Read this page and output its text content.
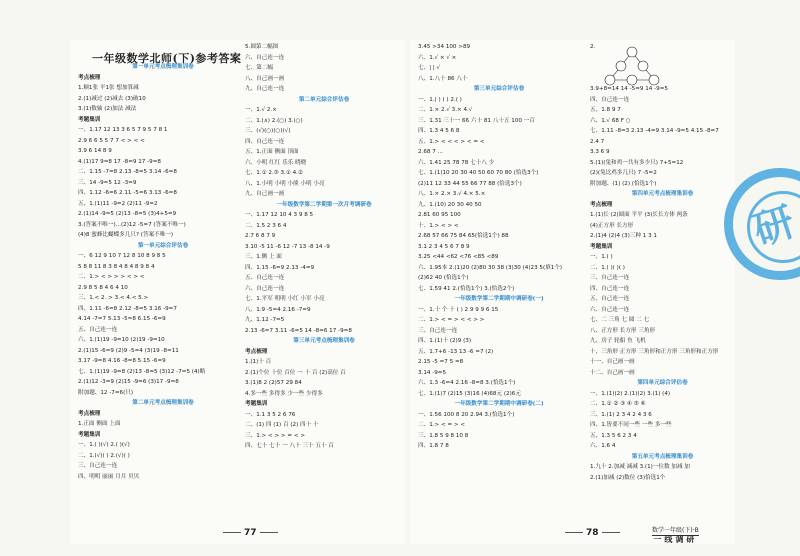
一年级数学北师(下)参考答案
第一单元考点梳理集训卷
考点梳理
1.顺1张 平1张 想加算减
2.(1)减过 (2)减去 (3)破10
3.(1)数轴 (2)加法 减法
考题集训
一、1.17 12 13 3 6 5 7 9 5 7 8 1
2.9 6 6 5 5 7 7 < > < <
3.9 6 14 8 9
4.(1)17 9=8 17 -8=9 17 -9=8
二、1.15 -7=8 2.13 -8=5 3.14 -6=8
三、14 -9=5 12 -3=9
四、1.12 -6=6 2.11 -5=6 3.13 -6=8
五、1.(1)11 -9=2 (2)11 -9=2
2.(1)14 -9=5 (2)13 -8=5 (3)4+5=9
3.(答案不唯一)...(2)12 -5=7 (答案不唯一)
(4)8 蜜蜂比蝴蝶多几只? (答案不唯一)
第一单元综合评估卷
一、6 12 9 10 7 12 8 10 8 9 8 5
5 8 8 11 8 3 8 4 8 4 8 9 8 4
二、1.> < > > > < > <
2.9 8 5 8 4 6 4 10
三、1.< 2. > 3.< 4.< 5.>
四、1.11 -6=8 2.12 -8=5 3.16 -9=7
4.14 -7=7 5.13 -5=8 6.15 -6=9
五、自己连一连
六、1.(1)19 -9=10 (2)19 -9=10
2.(1)15 -6=9 (2)9 -5=4 (3)19 -8=11
3.17 -9=8 4.16 -8=8 5.15 -6=9
七、1.(1)19 -9=8 (2)13 -8=5 (3)12 -7=5 (4)略
2.(1)12 -3=9 (2)15 -9=6 (3)17 -9=8
附加题、12 -7=6(只)
第二单元考点梳理集训卷
考点梳理
1.正面 侧面 上面
考题集训
一、1.( )(√) 2.( )(√)
二、1.(√)( ) 2.(√)( )
三、自己连一连
四、明明 丽丽 月月 贝贝
5.圆第二幅图
六、自己连一连
七、第二幅
八、自己画一画
九、自己连一连
第二单元综合评估卷
一、1.√ 2.×
二、1.(∧) 2.(○) 3.(○)
三、(√)(○)(○)(√)
四、自己连一连
五、1.正面 侧面 顶面
六、小明 红红 乐乐 晓晓
七、1.① 2.③ 3.① 4.②
八、1.小明 小明 小熊 小明 小亮
九、自己画一画
一年级数学第二学期第一次月考调研卷
一、1.17 12 10 4 3 9 8 5
二、1.5 2 3 6 4
2.7 6 8 7 9
3.10 -5 11 -6 12 -7 13 -8 14 -9
三、1.侧 上 面
四、1.15 -6=9 2.13 -4=9
五、自己连一连
六、自己连一连
七、1.平军 明明 小红 小军 小亮
八、1.9 -5=4 2.16 -7=9
九、1.12 -7=5
2.13 -6=7 3.11 -6=5 14 -8=6 17 -9=8
第三单元考点梳理集训卷
考点梳理
1.(1)十 百
2.(1)个位 十位 百位 一 十 百 (2)高位 百
3.(1)8 2 (2)57 29 84
4.多一些 多得多 少一些 少得多
考题集训
一、1.1 3 5 2 6 76
二、(1) 四 (1) 百 (2) 四十 十
三、1.> < > > = < >
四、七十 七十 一 八十 三十 五十 百
3.45 >34 100 >89
六、1.√ × √ ×
七、| | √
八、1.八十 86 八十
第三单元综合评估卷
一、1.( ) ( ) 2.( )
二、1.× 2.√ 3.× 4.√
三、1.31 三十一 66 六十 81 八十五 100 一百
四、1.3 4 5 6 8
五、1.> < < < > < = <
2.68 7 ...
六、1.41 25 78 78 七十八 少
七、1.(1)10 20 30 40 50 60 70 80 (恰选3个)
(2)11 12 33 44 55 66 77 88 (恰选3个)
八、1.× 2.× 3.√ 4.× 5.×
九、1.(10) 20 30 40 50
2.81 60 95 100
十、1.> < > <
2.68 57 66 75 84 65(恰选1个) 88
3.1 2 3 4 5 6 7 8 9
3.25 <44 <62 <76 <85 <89
六、1.95本 2.(1)20 (2)80 30 38 (3)30 (4)23 5(填1个)
(2)62 40 (恰选1个)
七、1.59 41 2.(恰选1个) 3.(恰选2个)
一年级数学第二学期期中调研卷(一)
一、1.十 个 十 ( ) 2 9 9 9 6 15
二、1.> < = > < < > >
三、自己连一连
四、1.(1)十 (2)9 (3)
五、1.7+6 -13 13 -6 =7 (2)
2.15 -5 =7 5 =8
3.14 -9=5
六、1.3 -6=4 2.16 -8=8 3.(恰选1个)
七、1.(1)7 (2)15 (3)16 (4)68元 (2)6元
一年级数学第二学期期中调研卷(二)
一、1.56 100 8 20 2.94 3.(恰选1个)
二、1.> < = > <
三、1.8 5 9 8 10 8
四、1.8 7 8
2.
3.9+8=14 14 -5=9 14 -9=5
四、自己连一连
五、1.8 9 7
六、1.√ 68 F ○
七、1.11 -8=3 2.13 -4=9 3.14 -9=5 4.15 -8=7
2.4 7
3.3 6 9
5.(1)(兔和鸡一共有多少只) 7+5=12
(2)(兔比鸡多几只) 7 -5=2
附加题、(1) (2) (恰选1个)
第四单元考点梳理集训卷
考点梳理
1.(1)长 (2)圆面 平平 (3)长长方体 两条
(4)正方形 长方形
2.(1)4 (2)4 (3)三种 1 3 1
考题集训
一、1.( )
二、1.( )( )( )
三、自己连一连
四、自己连一连
五、自己连一连
六、自己连一连
七、二 三角 七 圆 二 七
八、正方形 长方形 三角形
九、房子 轮船 鱼 飞机
十、三角形 正方形 三角形和正方形 三角形和正方形
十一、自己画一画
十二、自己画一画
第四单元综合评估卷
一、1.(1)(2) 2.(1)(2) 3.(1) (4)
二、1.① ② ③ ④ ⑤ ⑥
三、1.(1) 2 3 4 2 4 3 6
四、1.皆要不同一些 一些 多一些
五、1.3 5 6 2 3 4
六、1.6 4
第五单元考点梳理集训卷
1.九十 2.加减 减减 3.(1)一位数 加减 加
2.(1)加减 (2)数位 (3)恰选1个
研
77	78	数学一年级(下)·B
一线调研
